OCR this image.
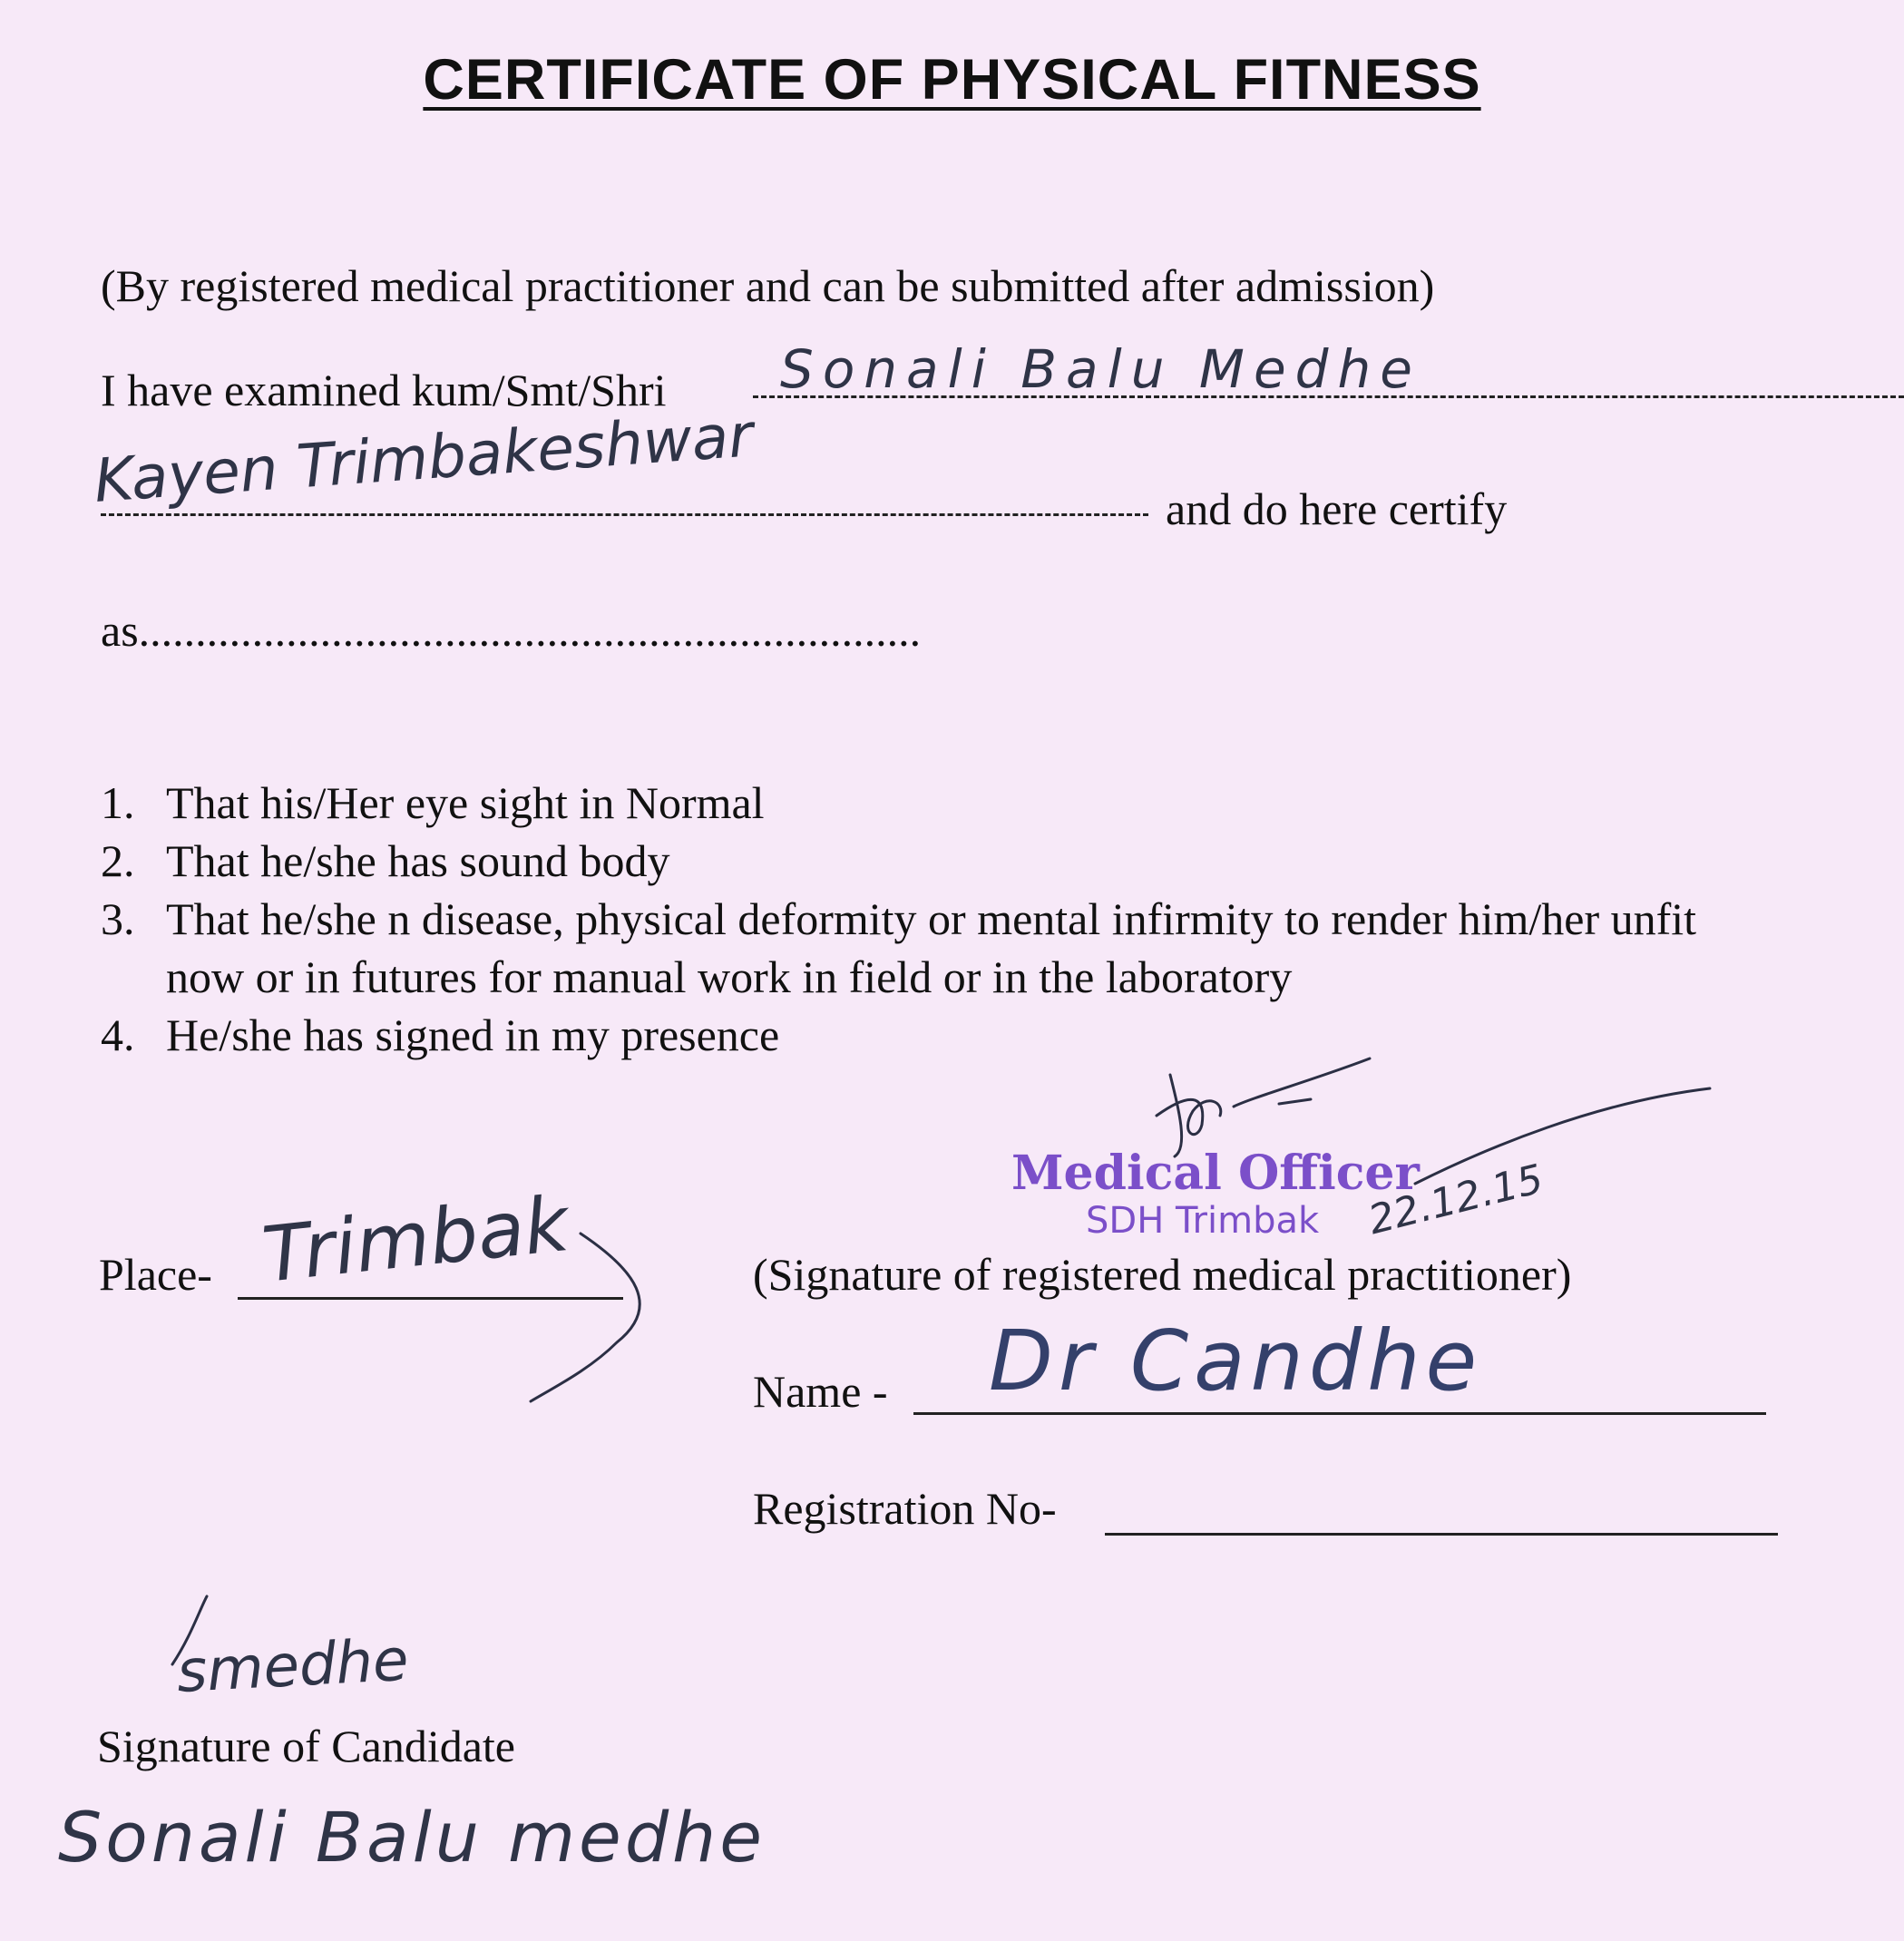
CERTIFICATE OF PHYSICAL FITNESS
(By registered medical practitioner and can be submitted after admission)
I have examined kum/Smt/Shri Sonali Balu Medhe
Kayen Trimbakeshwar	and do here certify
as.....................................................................
1. That his/Her eye sight in Normal
2. That he/she has sound body
3. That he/she n disease, physical deformity or mental infirmity to render him/her unfit
now or in futures for manual work in field or in the laboratory
4. He/she has signed in my presence
Medical Officer
SDH Trimbak 22.12.15
Place- Trimbak	(Signature of registered medical practitioner)
Name - Dr Candhe
Registration No-
smedhe
Signature of Candidate
Sonali Balu medhe
